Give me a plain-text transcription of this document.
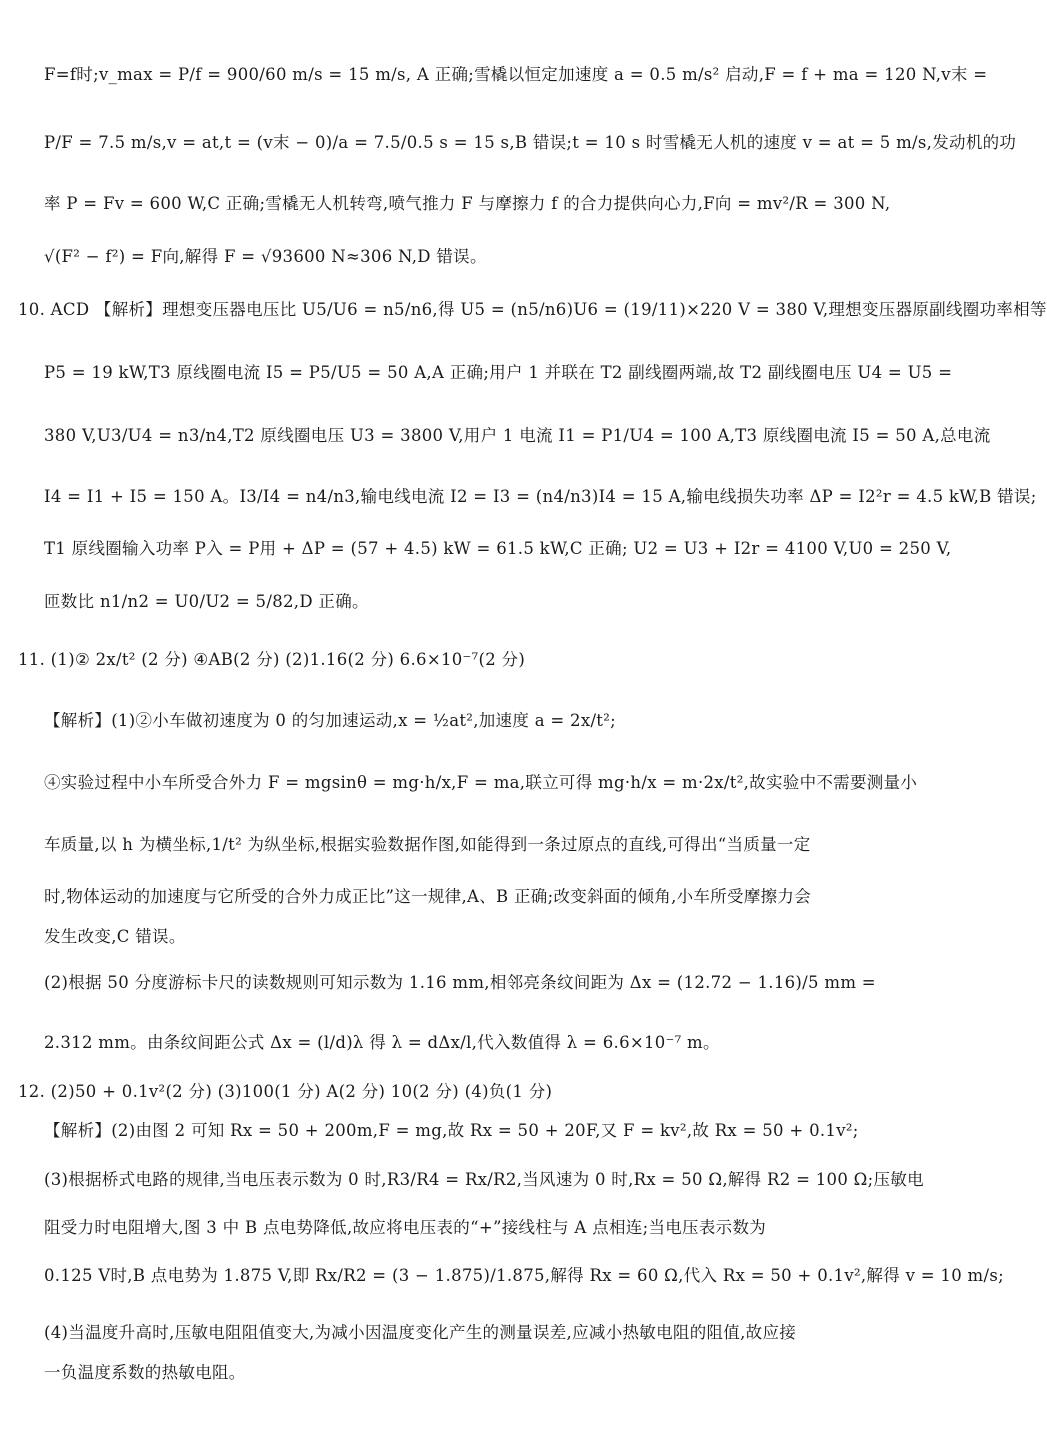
F=f时;v_max = P/f = 900/60 m/s = 15 m/s, A 正确;雪橇以恒定加速度 a = 0.5 m/s² 启动,F = f + ma = 120 N,v末 =
P/F = 7.5 m/s,v = at,t = (v末 − 0)/a = 7.5/0.5 s = 15 s,B 错误;t = 10 s 时雪橇无人机的速度 v = at = 5 m/s,发动机的功
率 P = Fv = 600 W,C 正确;雪橇无人机转弯,喷气推力 F 与摩擦力 f 的合力提供向心力,F向 = mv²/R = 300 N,
√(F² − f²) = F向,解得 F = √93600 N≈306 N,D 错误。
10. ACD 【解析】理想变压器电压比 U5/U6 = n5/n6,得 U5 = (n5/n6)U6 = (19/11)×220 V = 380 V,理想变压器原副线圈功率相等
P5 = 19 kW,T3 原线圈电流 I5 = P5/U5 = 50 A,A 正确;用户 1 并联在 T2 副线圈两端,故 T2 副线圈电压 U4 = U5 =
380 V,U3/U4 = n3/n4,T2 原线圈电压 U3 = 3800 V,用户 1 电流 I1 = P1/U4 = 100 A,T3 原线圈电流 I5 = 50 A,总电流
I4 = I1 + I5 = 150 A。I3/I4 = n4/n3,输电线电流 I2 = I3 = (n4/n3)I4 = 15 A,输电线损失功率 ΔP = I2²r = 4.5 kW,B 错误;
T1 原线圈输入功率 P入 = P用 + ΔP = (57 + 4.5) kW = 61.5 kW,C 正确; U2 = U3 + I2r = 4100 V,U0 = 250 V,
匝数比 n1/n2 = U0/U2 = 5/82,D 正确。
11. (1)② 2x/t² (2 分) ④AB(2 分) (2)1.16(2 分) 6.6×10⁻⁷(2 分)
【解析】(1)②小车做初速度为 0 的匀加速运动,x = ½at²,加速度 a = 2x/t²;
④实验过程中小车所受合外力 F = mgsinθ = mg·h/x,F = ma,联立可得 mg·h/x = m·2x/t²,故实验中不需要测量小
车质量,以 h 为横坐标,1/t² 为纵坐标,根据实验数据作图,如能得到一条过原点的直线,可得出“当质量一定
时,物体运动的加速度与它所受的合外力成正比”这一规律,A、B 正确;改变斜面的倾角,小车所受摩擦力会
发生改变,C 错误。
(2)根据 50 分度游标卡尺的读数规则可知示数为 1.16 mm,相邻亮条纹间距为 Δx = (12.72 − 1.16)/5 mm =
2.312 mm。由条纹间距公式 Δx = (l/d)λ 得 λ = dΔx/l,代入数值得 λ = 6.6×10⁻⁷ m。
12. (2)50 + 0.1v²(2 分) (3)100(1 分) A(2 分) 10(2 分) (4)负(1 分)
【解析】(2)由图 2 可知 Rx = 50 + 200m,F = mg,故 Rx = 50 + 20F,又 F = kv²,故 Rx = 50 + 0.1v²;
(3)根据桥式电路的规律,当电压表示数为 0 时,R3/R4 = Rx/R2,当风速为 0 时,Rx = 50 Ω,解得 R2 = 100 Ω;压敏电
阻受力时电阻增大,图 3 中 B 点电势降低,故应将电压表的“+”接线柱与 A 点相连;当电压表示数为
0.125 V时,B 点电势为 1.875 V,即 Rx/R2 = (3 − 1.875)/1.875,解得 Rx = 60 Ω,代入 Rx = 50 + 0.1v²,解得 v = 10 m/s;
(4)当温度升高时,压敏电阻阻值变大,为减小因温度变化产生的测量误差,应减小热敏电阻的阻值,故应接
一负温度系数的热敏电阻。
